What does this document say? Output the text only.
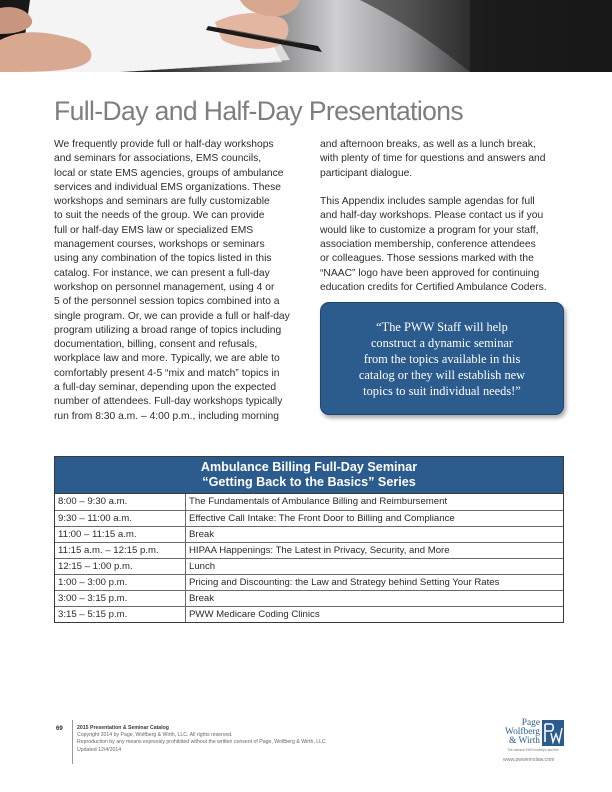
Full-Day and Half-Day Presentations

We frequently provide full or half-day workshops
and seminars for associations, EMS councils,
local or state EMS agencies, groups of ambulance
services and individual EMS organizations. These
workshops and seminars are fully customizable
to suit the needs of the group. We can provide
full or half-day EMS law or specialized EMS
management courses, workshops or seminars
using any combination of the topics listed in this
catalog. For instance, we can present a full-day
workshop on personnel management, using 4 or
5 of the personnel session topics combined into a
single program. Or, we can provide a full or half-day
program utilizing a broad range of topics including
documentation, billing, consent and refusals,
workplace law and more. Typically, we are able to
comfortably present 4-5 “mix and match” topics in
a full-day seminar, depending upon the expected
number of attendees. Full-day workshops typically
run from 8:30 a.m. – 4:00 p.m., including morning

and afternoon breaks, as well as a lunch break,
with plenty of time for questions and answers and
participant dialogue.

This Appendix includes sample agendas for full
and half-day workshops. Please contact us if you
would like to customize a program for your staff,
association membership, conference attendees
or colleagues. Those sessions marked with the
“NAAC” logo have been approved for continuing
education credits for Certified Ambulance Coders.

“The PWW Staff will help
construct a dynamic seminar
from the topics available in this
catalog or they will establish new
topics to suit individual needs!”

Ambulance Billing Full-Day Seminar
“Getting Back to the Basics” Series
8:00 – 9:30 a.m.	The Fundamentals of Ambulance Billing and Reimbursement
9:30 – 11:00 a.m.	Effective Call Intake: The Front Door to Billing and Compliance
11:00 – 11:15 a.m.	Break
11:15 a.m. – 12:15 p.m.	HIPAA Happenings: The Latest in Privacy, Security, and More
12:15 – 1:00 p.m.	Lunch
1:00 – 3:00 p.m.	Pricing and Discounting: the Law and Strategy behind Setting Your Rates
3:00 – 3:15 p.m.	Break
3:15 – 5:15 p.m.	PWW Medicare Coding Clinics
69	2015 Presentation & Seminar Catalog
Copyright 2014 by Page, Wolfberg & Wirth, LLC. All rights reserved.
Reproduction by any means expressly prohibited without the written consent of Page, Wolfberg & Wirth, LLC
Updated 12/4/2014
Page
Wolfberg
& Wirth
The national EMS industry's law firm
www.pwwemslaw.com
